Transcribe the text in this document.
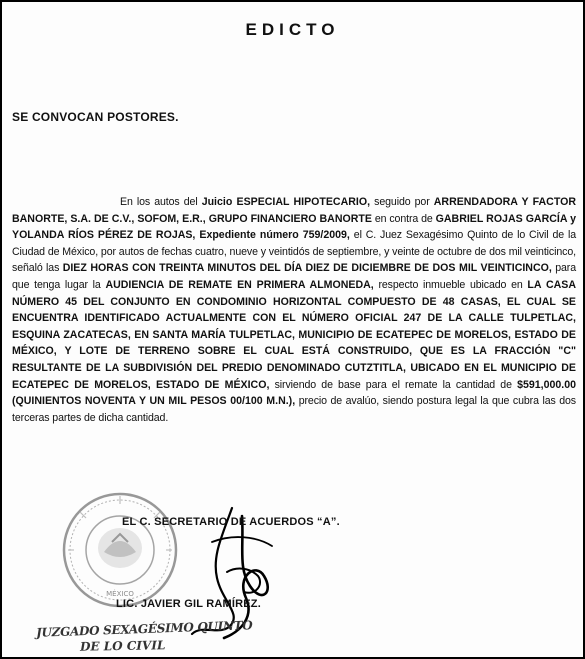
EDICTO
SE CONVOCAN POSTORES.
En los autos del Juicio ESPECIAL HIPOTECARIO, seguido por ARRENDADORA Y FACTOR BANORTE, S.A. DE C.V., SOFOM, E.R., GRUPO FINANCIERO BANORTE en contra de GABRIEL ROJAS GARCÍA y YOLANDA RÍOS PÉREZ DE ROJAS, Expediente número 759/2009, el C. Juez Sexagésimo Quinto de lo Civil de la Ciudad de México, por autos de fechas cuatro, nueve y veintidós de septiembre, y veinte de octubre de dos mil veinticinco, señaló las DIEZ HORAS CON TREINTA MINUTOS DEL DÍA DIEZ DE DICIEMBRE DE DOS MIL VEINTICINCO, para que tenga lugar la AUDIENCIA DE REMATE EN PRIMERA ALMONEDA, respecto inmueble ubicado en LA CASA NÚMERO 45 DEL CONJUNTO EN CONDOMINIO HORIZONTAL COMPUESTO DE 48 CASAS, EL CUAL SE ENCUENTRA IDENTIFICADO ACTUALMENTE CON EL NÚMERO OFICIAL 247 DE LA CALLE TULPETLAC, ESQUINA ZACATECAS, EN SANTA MARÍA TULPETLAC, MUNICIPIO DE ECATEPEC DE MORELOS, ESTADO DE MÉXICO, Y LOTE DE TERRENO SOBRE EL CUAL ESTÁ CONSTRUIDO, QUE ES LA FRACCIÓN "C" RESULTANTE DE LA SUBDIVISIÓN DEL PREDIO DENOMINADO CUTZTITLA, UBICADO EN EL MUNICIPIO DE ECATEPEC DE MORELOS, ESTADO DE MÉXICO, sirviendo de base para el remate la cantidad de $591,000.00 (QUINIENTOS NOVENTA Y UN MIL PESOS 00/100 M.N.), precio de avalúo, siendo postura legal la que cubra las dos terceras partes de dicha cantidad.
MÉXICO
EL C. SECRETARIO DE ACUERDOS “A”.
LIC. JAVIER GIL RAMÍREZ.
JUZGADO SEXAGÉSIMO QUINTO
DE LO CIVIL
